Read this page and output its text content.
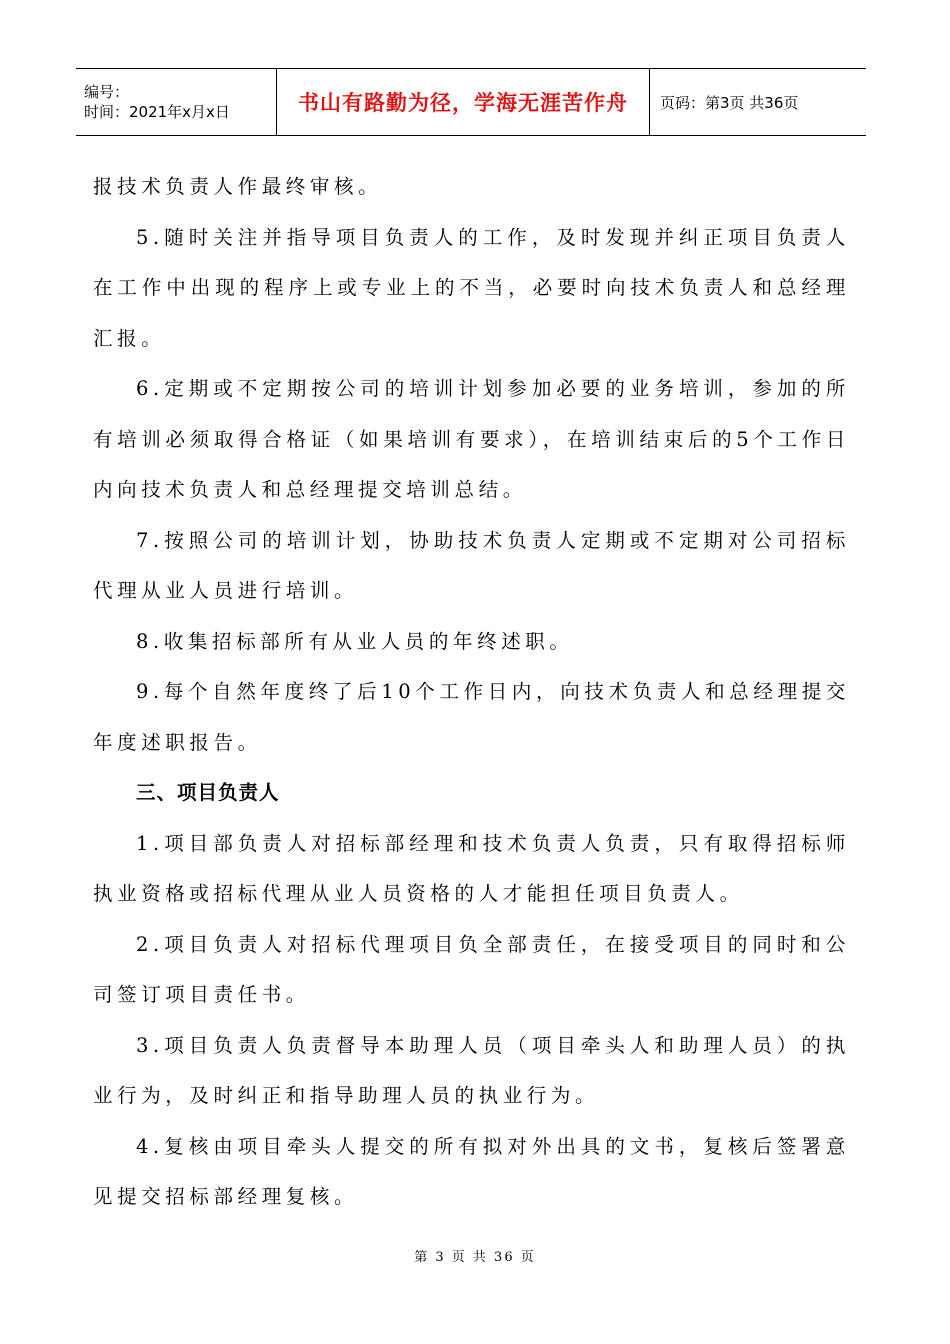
编号：
时间：2021年x月x日	书山有路勤为径，学海无涯苦作舟 页码：第3页 共36页

报技术负责人作最终审核。

5.随时关注并指导项目负责人的工作，及时发现并纠正项目负责人在工作中出现的程序上或专业上的不当，必要时向技术负责人和总经理汇报。

6.定期或不定期按公司的培训计划参加必要的业务培训，参加的所有培训必须取得合格证（如果培训有要求），在培训结束后的5个工作日内向技术负责人和总经理提交培训总结。

7.按照公司的培训计划，协助技术负责人定期或不定期对公司招标代理从业人员进行培训。

8.收集招标部所有从业人员的年终述职。

9.每个自然年度终了后10个工作日内，向技术负责人和总经理提交年度述职报告。

三、项目负责人

1.项目部负责人对招标部经理和技术负责人负责，只有取得招标师执业资格或招标代理从业人员资格的人才能担任项目负责人。

2.项目负责人对招标代理项目负全部责任，在接受项目的同时和公司签订项目责任书。

3.项目负责人负责督导本助理人员（项目牵头人和助理人员）的执业行为，及时纠正和指导助理人员的执业行为。

4.复核由项目牵头人提交的所有拟对外出具的文书，复核后签署意见提交招标部经理复核。

第 3 页 共 36 页
